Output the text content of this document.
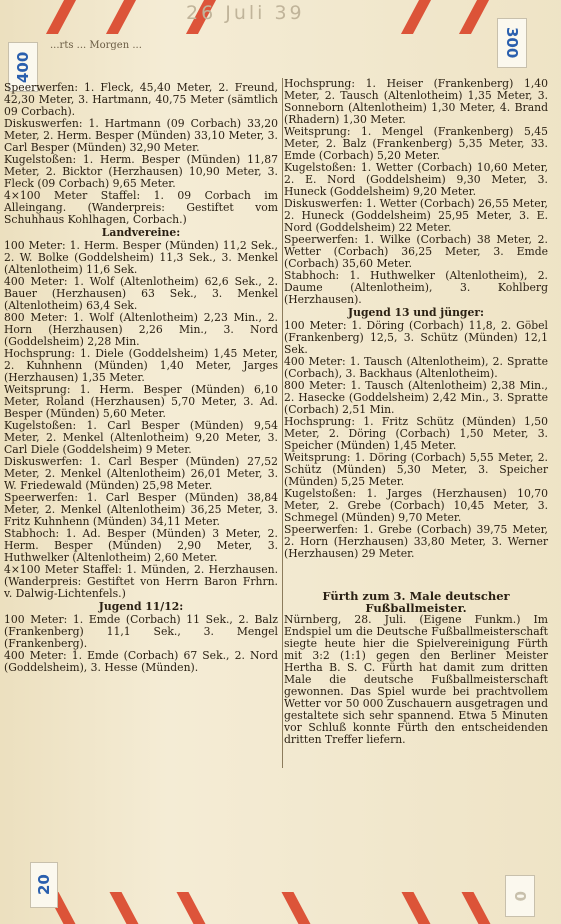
26 Juli 39
400
300
20
0
...rts ... Morgen ...

Speerwerfen: 1. Fleck, 45,40 Meter, 2. Freund, 42,30 Meter, 3. Hartmann, 40,75 Meter (sämtlich 09 Corbach).

Diskuswerfen: 1. Hartmann (09 Corbach) 33,20 Meter, 2. Herm. Besper (Münden) 33,10 Meter, 3. Carl Besper (Münden) 32,90 Meter.

Kugelstoßen: 1. Herm. Besper (Münden) 11,87 Meter, 2. Bicktor (Herzhausen) 10,90 Meter, 3. Fleck (09 Corbach) 9,65 Meter.

4×100 Meter Staffel: 1. 09 Corbach im Alleingang. (Wanderpreis: Gestiftet vom Schuhhaus Kohlhagen, Corbach.)

Landvereine:

100 Meter: 1. Herm. Besper (Münden) 11,2 Sek., 2. W. Bolke (Goddelsheim) 11,3 Sek., 3. Menkel (Altenlotheim) 11,6 Sek.

400 Meter: 1. Wolf (Altenlotheim) 62,6 Sek., 2. Bauer (Herzhausen) 63 Sek., 3. Menkel (Altenlotheim) 63,4 Sek.

800 Meter: 1. Wolf (Altenlotheim) 2,23 Min., 2. Horn (Herzhausen) 2,26 Min., 3. Nord (Goddelsheim) 2,28 Min.

Hochsprung: 1. Diele (Goddelsheim) 1,45 Meter, 2. Kuhnhenn (Münden) 1,40 Meter, Jarges (Herzhausen) 1,35 Meter.

Weitsprung: 1. Herm. Besper (Münden) 6,10 Meter, Roland (Herzhausen) 5,70 Meter, 3. Ad. Besper (Münden) 5,60 Meter.

Kugelstoßen: 1. Carl Besper (Münden) 9,54 Meter, 2. Menkel (Altenlotheim) 9,20 Meter, 3. Carl Diele (Goddelsheim) 9 Meter.

Diskuswerfen: 1. Carl Besper (Münden) 27,52 Meter, 2. Menkel (Altenlotheim) 26,01 Meter, 3. W. Friedewald (Münden) 25,98 Meter.

Speerwerfen: 1. Carl Besper (Münden) 38,84 Meter, 2. Menkel (Altenlotheim) 36,25 Meter, 3. Fritz Kuhnhenn (Münden) 34,11 Meter.

Stabhoch: 1. Ad. Besper (Münden) 3 Meter, 2. Herm. Besper (Münden) 2,90 Meter, 3. Huthwelker (Altenlotheim) 2,60 Meter.

4×100 Meter Staffel: 1. Münden, 2. Herzhausen. (Wanderpreis: Gestiftet von Herrn Baron Frhrn. v. Dalwig-Lichtenfels.)

Jugend 11/12:

100 Meter: 1. Emde (Corbach) 11 Sek., 2. Balz (Frankenberg) 11,1 Sek., 3. Mengel (Frankenberg).

400 Meter: 1. Emde (Corbach) 67 Sek., 2. Nord (Goddelsheim), 3. Hesse (Münden).

Hochsprung: 1. Heiser (Frankenberg) 1,40 Meter, 2. Tausch (Altenlotheim) 1,35 Meter, 3. Sonneborn (Altenlotheim) 1,30 Meter, 4. Brand (Rhadern) 1,30 Meter.

Weitsprung: 1. Mengel (Frankenberg) 5,45 Meter, 2. Balz (Frankenberg) 5,35 Meter, 33. Emde (Corbach) 5,20 Meter.

Kugelstoßen: 1. Wetter (Corbach) 10,60 Meter, 2. E. Nord (Goddelsheim) 9,30 Meter, 3. Huneck (Goddelsheim) 9,20 Meter.

Diskuswerfen: 1. Wetter (Corbach) 26,55 Meter, 2. Huneck (Goddelsheim) 25,95 Meter, 3. E. Nord (Goddelsheim) 22 Meter.

Speerwerfen: 1. Wilke (Corbach) 38 Meter, 2. Wetter (Corbach) 36,25 Meter, 3. Emde (Corbach) 35,60 Meter.

Stabhoch: 1. Huthwelker (Altenlotheim), 2. Daume (Altenlotheim), 3. Kohlberg (Herzhausen).

Jugend 13 und jünger:

100 Meter: 1. Döring (Corbach) 11,8, 2. Göbel (Frankenberg) 12,5, 3. Schütz (Münden) 12,1 Sek.

400 Meter: 1. Tausch (Altenlotheim), 2. Spratte (Corbach), 3. Backhaus (Altenlotheim).

800 Meter: 1. Tausch (Altenlotheim) 2,38 Min., 2. Hasecke (Goddelsheim) 2,42 Min., 3. Spratte (Corbach) 2,51 Min.

Hochsprung: 1. Fritz Schütz (Münden) 1,50 Meter, 2. Döring (Corbach) 1,50 Meter, 3. Speicher (Münden) 1,45 Meter.

Weitsprung: 1. Döring (Corbach) 5,55 Meter, 2. Schütz (Münden) 5,30 Meter, 3. Speicher (Münden) 5,25 Meter.

Kugelstoßen: 1. Jarges (Herzhausen) 10,70 Meter, 2. Grebe (Corbach) 10,45 Meter, 3. Schmegel (Münden) 9,70 Meter.

Speerwerfen: 1. Grebe (Corbach) 39,75 Meter, 2. Horn (Herzhausen) 33,80 Meter, 3. Werner (Herzhausen) 29 Meter.

Fürth zum 3. Male deutscher Fußballmeister.

Nürnberg, 28. Juli. (Eigene Funkm.) Im Endspiel um die Deutsche Fußballmeisterschaft siegte heute hier die Spielvereinigung Fürth mit 3:2 (1:1) gegen den Berliner Meister Hertha B. S. C. Fürth hat damit zum dritten Male die deutsche Fußballmeisterschaft gewonnen. Das Spiel wurde bei prachtvollem Wetter vor 50 000 Zuschauern ausgetragen und gestaltete sich sehr spannend. Etwa 5 Minuten vor Schluß konnte Fürth den entscheidenden dritten Treffer liefern.
